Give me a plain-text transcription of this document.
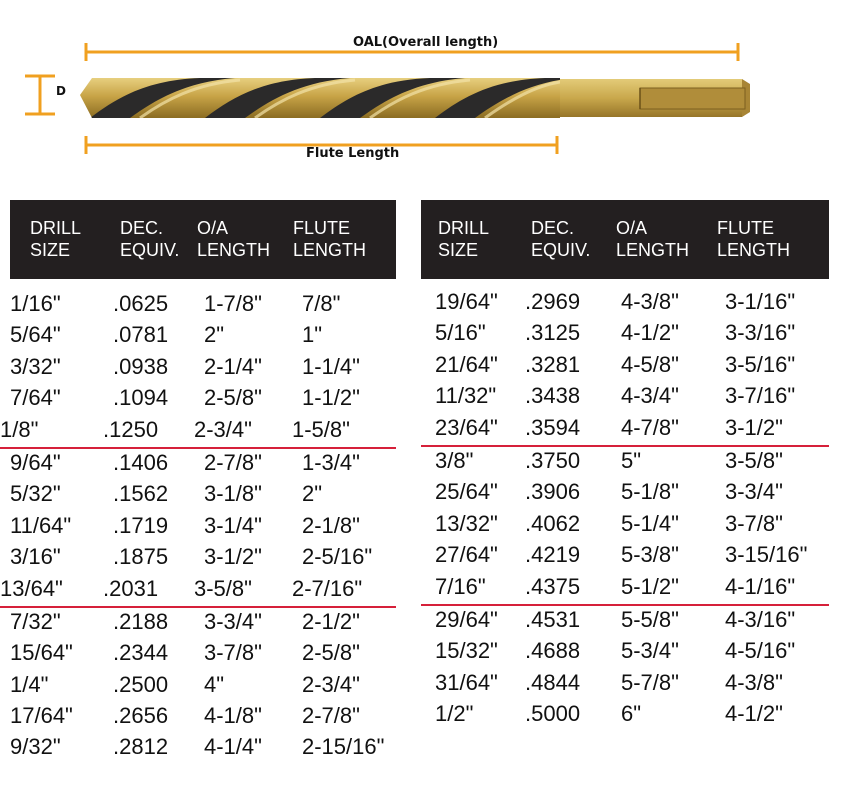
OAL(Overall length)
Flute Length
D
DRILL
SIZE
DEC.
EQUIV.
O/A
LENGTH
FLUTE
LENGTH
1/16" .0625 1-7/8" 7/8"
5/64" .0781 2"	1"
3/32" .0938 2-1/4" 1-1/4"
7/64" .1094 2-5/8" 1-1/2"
1/8"	.1250 2-3/4" 1-5/8"
9/64" .1406 2-7/8" 1-3/4"
5/32" .1562 3-1/8" 2"
11/64" .1719 3-1/4" 2-1/8"
3/16" .1875 3-1/2" 2-5/16"
13/64" .2031 3-5/8" 2-7/16"
7/32" .2188 3-3/4" 2-1/2"
15/64" .2344 3-7/8" 2-5/8"
1/4"	.2500 4"	2-3/4"
17/64" .2656 4-1/8" 2-7/8"
9/32" .2812 4-1/4" 2-15/16"
DRILL
SIZE
DEC.
EQUIV.
O/A
LENGTH
FLUTE
LENGTH
19/64" .2969 4-3/8" 3-1/16"
5/16" .3125 4-1/2" 3-3/16"
21/64" .3281 4-5/8" 3-5/16"
11/32" .3438 4-3/4" 3-7/16"
23/64" .3594 4-7/8" 3-1/2"
3/8" .3750 5"	3-5/8"
25/64" .3906 5-1/8" 3-3/4"
13/32" .4062 5-1/4" 3-7/8"
27/64" .4219 5-3/8" 3-15/16"
7/16" .4375 5-1/2" 4-1/16"
29/64" .4531 5-5/8" 4-3/16"
15/32" .4688 5-3/4" 4-5/16"
31/64" .4844 5-7/8" 4-3/8"
1/2" .5000 6"	4-1/2"
